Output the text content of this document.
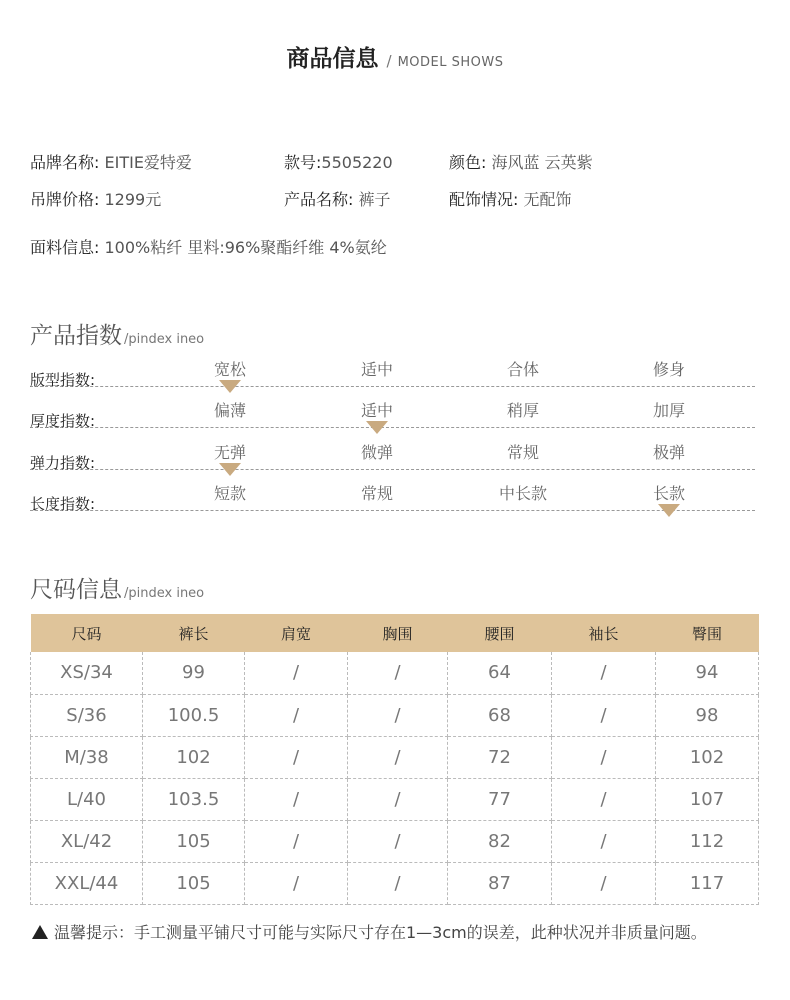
商品信息 / MODEL SHOWS
品牌名称: EITIE爱特爱	款号:5505220	颜色: 海风蓝 云英紫
吊牌价格: 1299元	产品名称: 裤子	配饰情况: 无配饰
面料信息: 100%粘纤 里料:96%聚酯纤维 4%氨纶
产品指数 /pindex ineo
版型指数:
宽松	适中	合体	修身
厚度指数:
偏薄	适中	稍厚	加厚
弹力指数:
无弹	微弹	常规	极弹
长度指数:
短款	常规	中长款	长款
尺码信息 /pindex ineo
尺码	裤长	肩宽	胸围	腰围	袖长	臀围
XS/34	99	/	/	64	/	94
S/36	100.5	/	/	68	/	98
M/38	102	/	/	72	/	102
L/40	103.5	/	/	77	/	107
XL/42	105	/	/	82	/	112
XXL/44	105	/	/	87	/	117
温馨提示：手工测量平铺尺寸可能与实际尺寸存在1—3cm的误差，此种状况并非质量问题。
